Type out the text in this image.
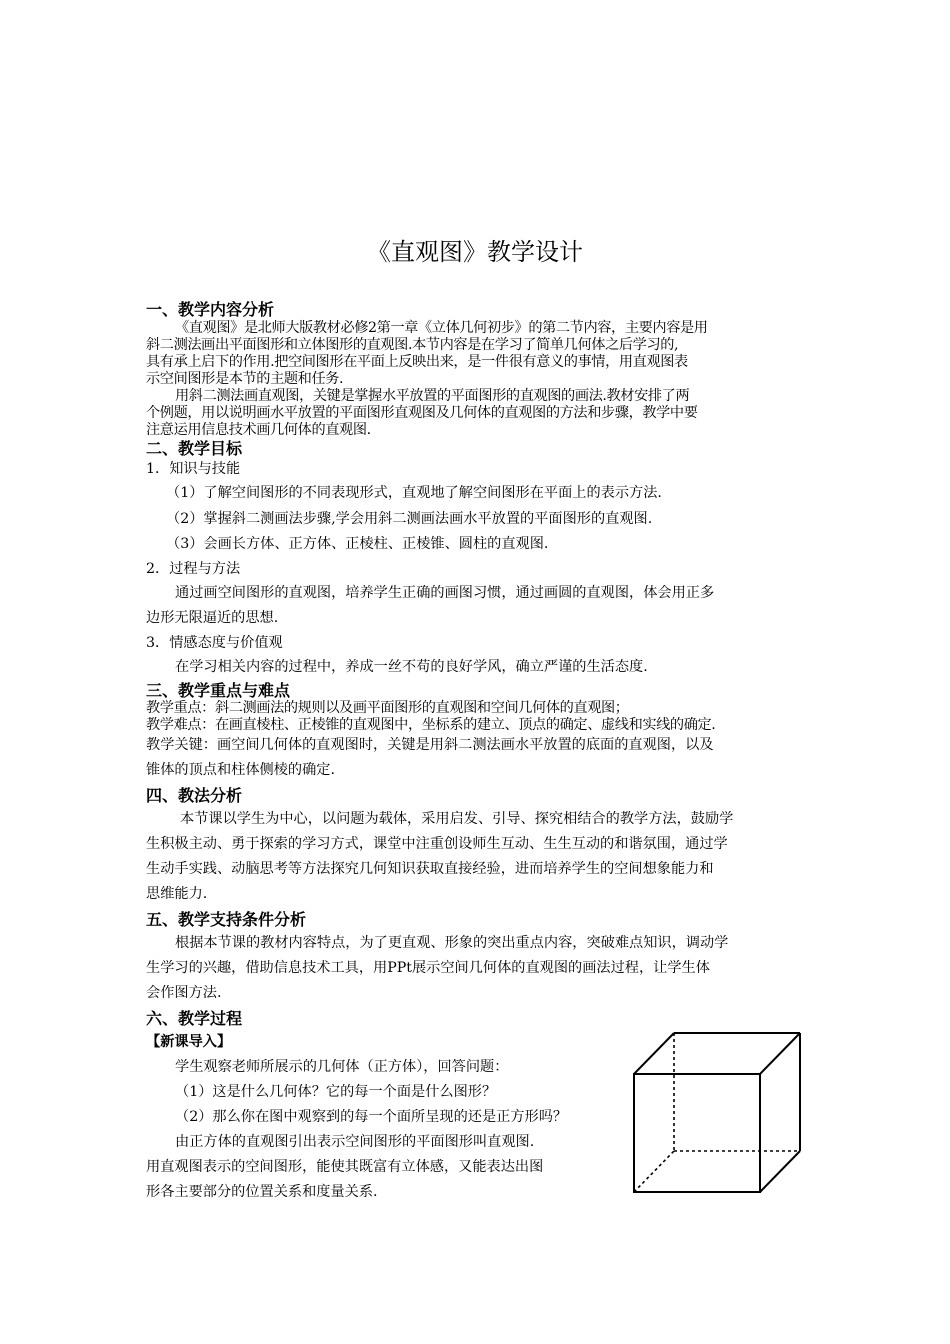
《直观图》教学设计
一、教学内容分析
《直观图》是北师大版教材必修2第一章《立体几何初步》的第二节内容，主要内容是用
斜二测法画出平面图形和立体图形的直观图.本节内容是在学习了简单几何体之后学习的,
具有承上启下的作用.把空间图形在平面上反映出来，是一件很有意义的事情，用直观图表
示空间图形是本节的主题和任务.
用斜二测法画直观图，关键是掌握水平放置的平面图形的直观图的画法.教材安排了两
个例题，用以说明画水平放置的平面图形直观图及几何体的直观图的方法和步骤，教学中要
注意运用信息技术画几何体的直观图.
二、教学目标
1．知识与技能
（1）了解空间图形的不同表现形式，直观地了解空间图形在平面上的表示方法.
（2）掌握斜二测画法步骤,学会用斜二测画法画水平放置的平面图形的直观图.
（3）会画长方体、正方体、正棱柱、正棱锥、圆柱的直观图.
2．过程与方法
通过画空间图形的直观图，培养学生正确的画图习惯，通过画圆的直观图，体会用正多
边形无限逼近的思想.
3．情感态度与价值观
在学习相关内容的过程中，养成一丝不苟的良好学风，确立严谨的生活态度.
三、教学重点与难点
教学重点：斜二测画法的规则以及画平面图形的直观图和空间几何体的直观图；
教学难点：在画直棱柱、正棱锥的直观图中，坐标系的建立、顶点的确定、虚线和实线的确定.
教学关键：画空间几何体的直观图时，关键是用斜二测法画水平放置的底面的直观图，以及
锥体的顶点和柱体侧棱的确定.
四、教法分析
本节课以学生为中心，以问题为载体，采用启发、引导、探究相结合的教学方法，鼓励学
生积极主动、勇于探索的学习方式，课堂中注重创设师生互动、生生互动的和谐氛围，通过学
生动手实践、动脑思考等方法探究几何知识获取直接经验，进而培养学生的空间想象能力和
思维能力.
五、教学支持条件分析
根据本节课的教材内容特点，为了更直观、形象的突出重点内容，突破难点知识，调动学
生学习的兴趣，借助信息技术工具，用PPt展示空间几何体的直观图的画法过程，让学生体
会作图方法.
六、教学过程
【新课导入】
学生观察老师所展示的几何体（正方体），回答问题：
（1）这是什么几何体？它的每一个面是什么图形？
（2）那么你在图中观察到的每一个面所呈现的还是正方形吗？
由正方体的直观图引出表示空间图形的平面图形叫直观图.
用直观图表示的空间图形，能使其既富有立体感，又能表达出图
形各主要部分的位置关系和度量关系.
